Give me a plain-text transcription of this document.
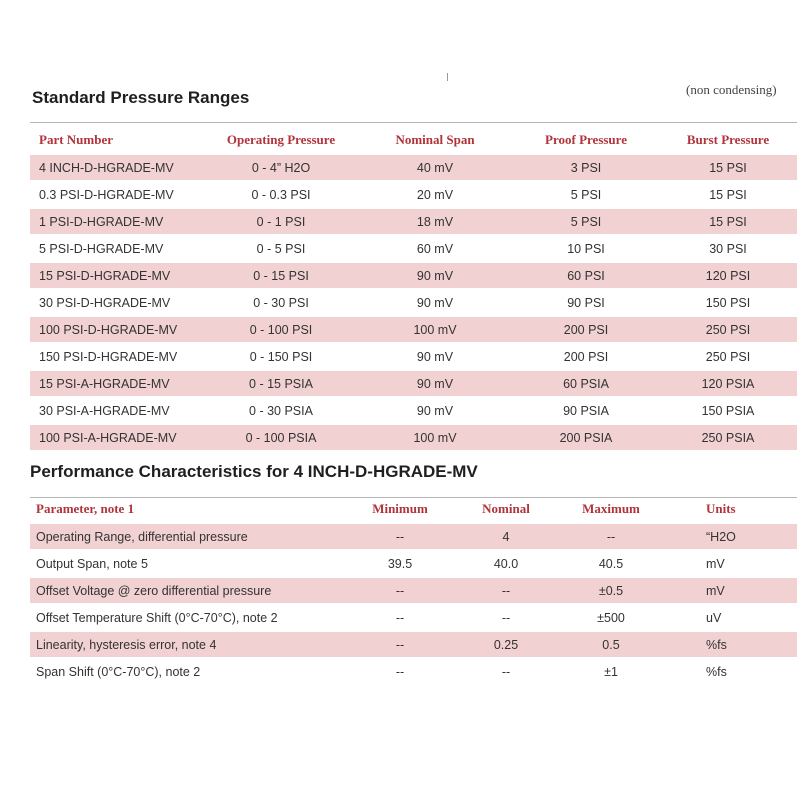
(non condensing)
Standard Pressure Ranges
Part Number	Operating Pressure	Nominal Span	Proof Pressure	Burst Pressure
4 INCH-D-HGRADE-MV	0 - 4” H2O	40 mV	3 PSI	15 PSI
0.3 PSI-D-HGRADE-MV	0 - 0.3 PSI	20 mV	5 PSI	15 PSI
1 PSI-D-HGRADE-MV	0 - 1 PSI	18 mV	5 PSI	15 PSI
5 PSI-D-HGRADE-MV	0 - 5 PSI	60 mV	10 PSI	30 PSI
15 PSI-D-HGRADE-MV	0 - 15 PSI	90 mV	60 PSI	120 PSI
30 PSI-D-HGRADE-MV	0 - 30 PSI	90 mV	90 PSI	150 PSI
100 PSI-D-HGRADE-MV	0 - 100 PSI	100 mV	200 PSI	250 PSI
150 PSI-D-HGRADE-MV	0 - 150 PSI	90 mV	200 PSI	250 PSI
15 PSI-A-HGRADE-MV	0 - 15 PSIA	90 mV	60 PSIA	120 PSIA
30 PSI-A-HGRADE-MV	0 - 30 PSIA	90 mV	90 PSIA	150 PSIA
100 PSI-A-HGRADE-MV	0 - 100 PSIA	100 mV	200 PSIA	250 PSIA
Performance Characteristics for 4 INCH-D-HGRADE-MV
Parameter, note 1	Minimum	Nominal	Maximum	Units
Operating Range, differential pressure	--	4	--	“H2O
Output Span, note 5	39.5	40.0	40.5	mV
Offset Voltage @ zero differential pressure	--	--	±0.5	mV
Offset Temperature Shift (0°C-70°C), note 2	--	--	±500	uV
Linearity, hysteresis error, note 4	--	0.25	0.5	%fs
Span Shift (0°C-70°C), note 2	--	--	±1	%fs
